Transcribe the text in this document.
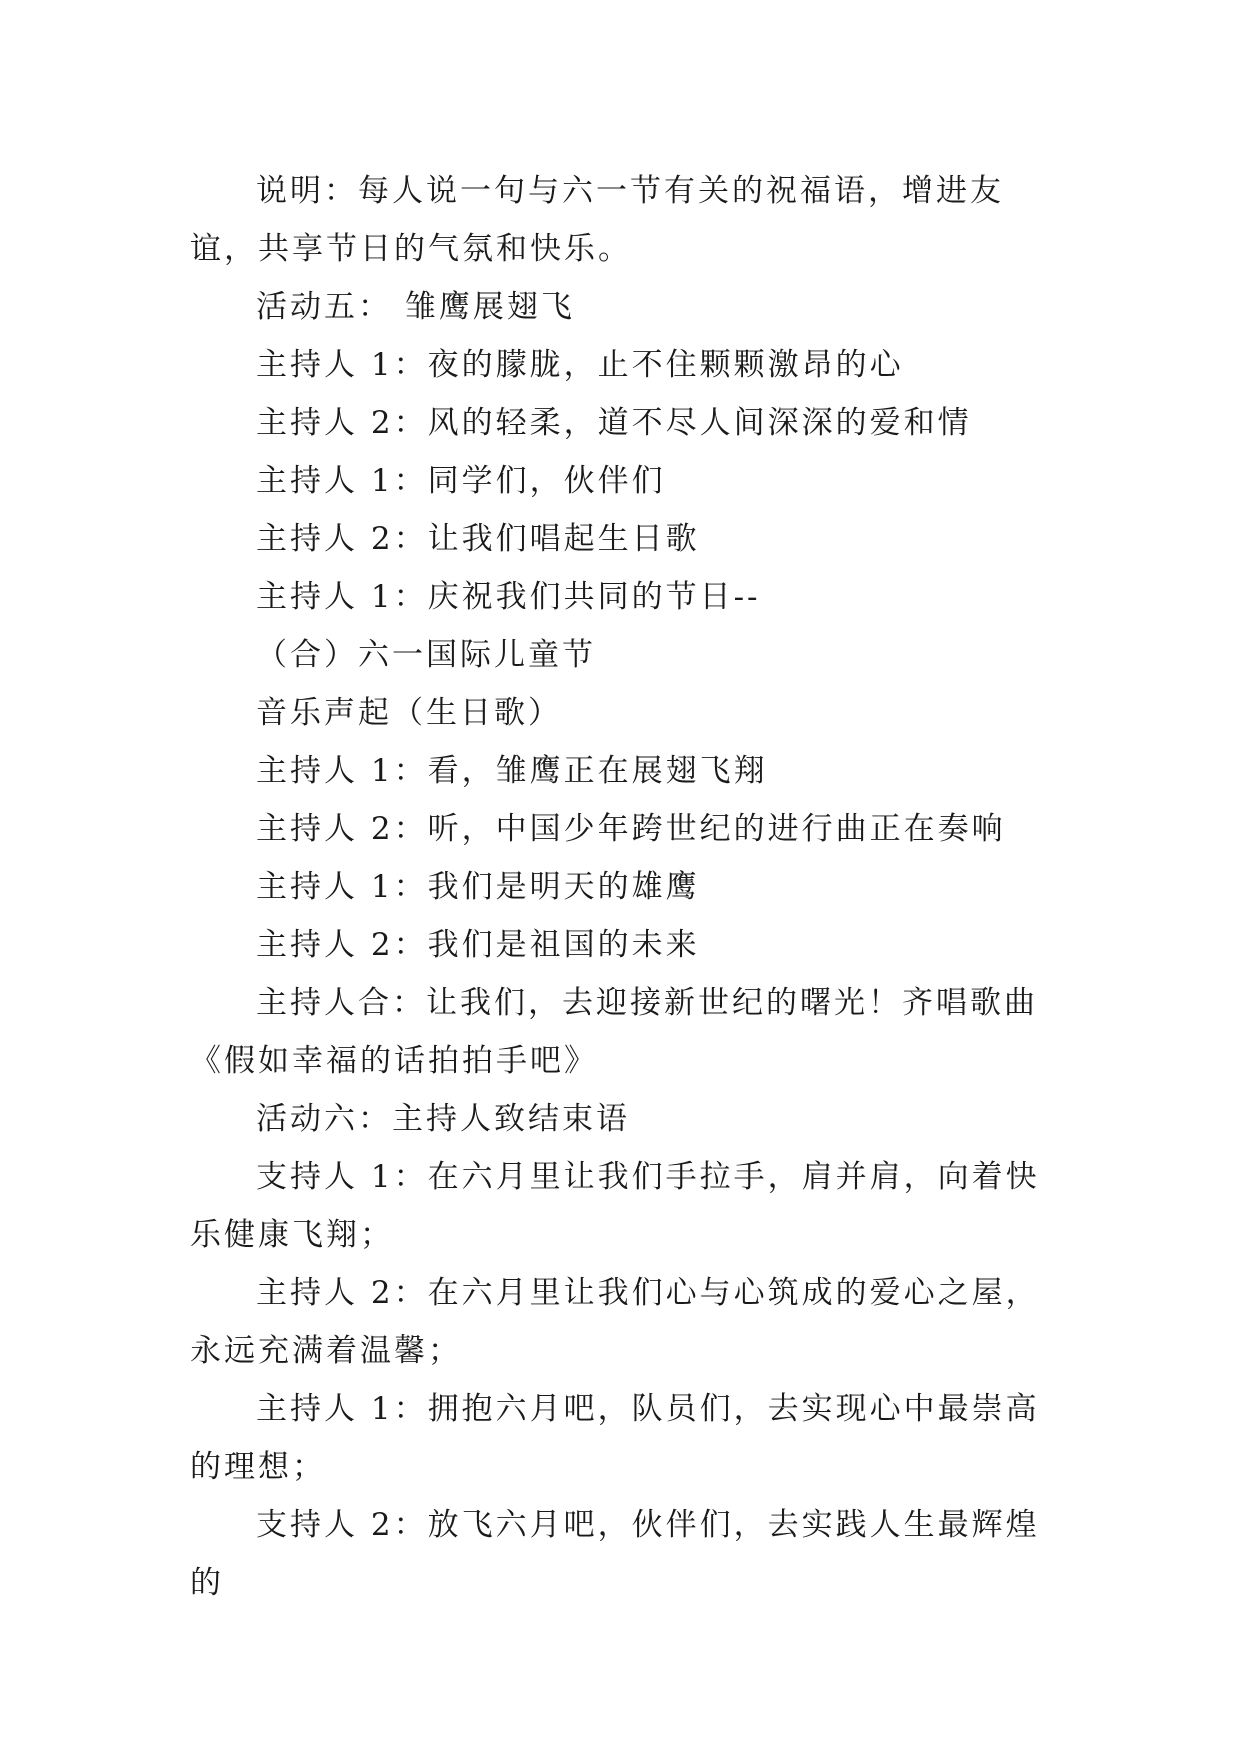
说明：每人说一句与六一节有关的祝福语，增进友谊，共享节日的气氛和快乐。

活动五： 雏鹰展翅飞

主持人 1：夜的朦胧，止不住颗颗激昂的心

主持人 2：风的轻柔，道不尽人间深深的爱和情

主持人 1：同学们，伙伴们

主持人 2：让我们唱起生日歌

主持人 1：庆祝我们共同的节日--

（合）六一国际儿童节

音乐声起（生日歌）

主持人 1：看，雏鹰正在展翅飞翔

主持人 2：听，中国少年跨世纪的进行曲正在奏响

主持人 1：我们是明天的雄鹰

主持人 2：我们是祖国的未来

主持人合：让我们，去迎接新世纪的曙光！齐唱歌曲《假如幸福的话拍拍手吧》

活动六：主持人致结束语

支持人 1：在六月里让我们手拉手，肩并肩，向着快乐健康飞翔；

主持人 2：在六月里让我们心与心筑成的爱心之屋，永远充满着温馨；

主持人 1：拥抱六月吧，队员们，去实现心中最崇高的理想；

支持人 2：放飞六月吧，伙伴们，去实践人生最辉煌的
